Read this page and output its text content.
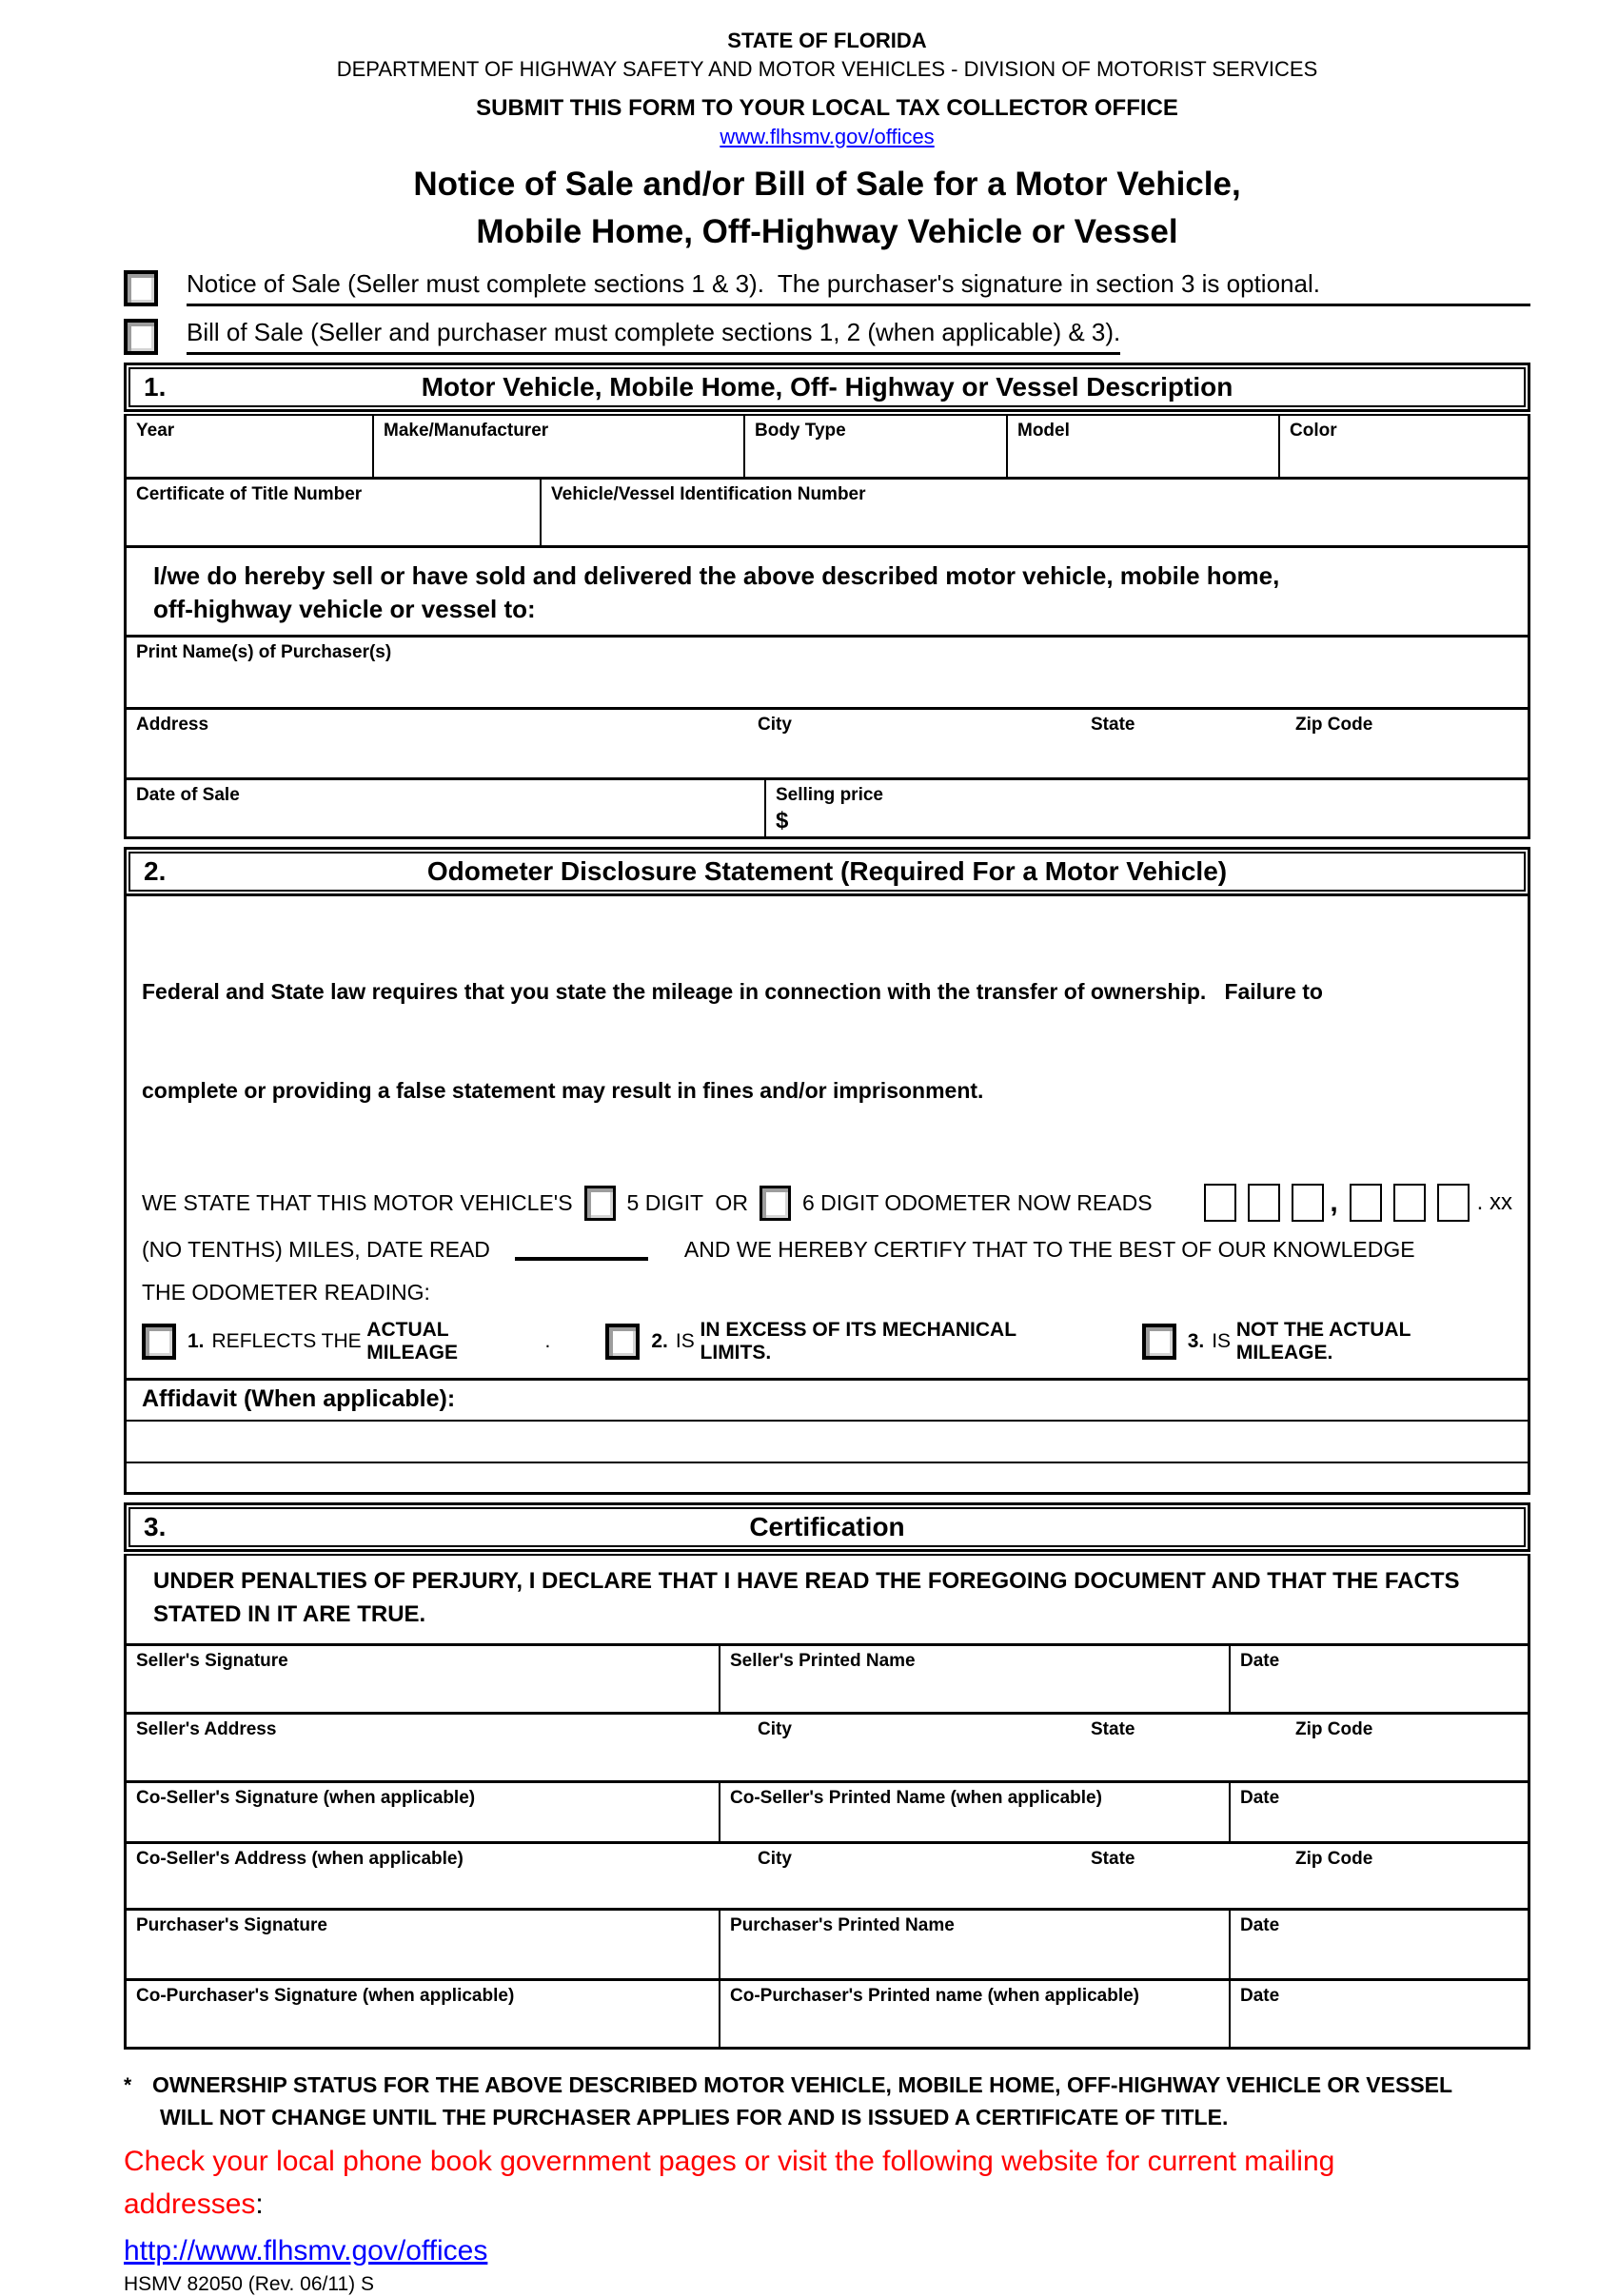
STATE OF FLORIDA
DEPARTMENT OF HIGHWAY SAFETY AND MOTOR VEHICLES - DIVISION OF MOTORIST SERVICES
SUBMIT THIS FORM TO YOUR LOCAL TAX COLLECTOR OFFICE
www.flhsmv.gov/offices
Notice of Sale and/or Bill of Sale for a Motor Vehicle,
Mobile Home, Off-Highway Vehicle or Vessel
Notice of Sale (Seller must complete sections 1 & 3).  The purchaser's signature in section 3 is optional.
Bill of Sale (Seller and purchaser must complete sections 1, 2 (when applicable) & 3).
1.	Motor Vehicle, Mobile Home, Off- Highway or Vessel Description
Year	Make/Manufacturer	Body Type	Model	Color
Certificate of Title Number	Vehicle/Vessel Identification Number
I/we do hereby sell or have sold and delivered the above described motor vehicle, mobile home,
off-highway vehicle or vessel to:
Print Name(s) of Purchaser(s)
Address	City	State	Zip Code
Date of Sale	Selling price
$
2.	Odometer Disclosure Statement (Required For a Motor Vehicle)

Federal and State law requires that you state the mileage in connection with the transfer of ownership.   Failure to

complete or providing a false statement may result in fines and/or imprisonment.

WE STATE THAT THIS MOTOR VEHICLE'S 5 DIGIT  OR 6 DIGIT ODOMETER NOW READS	,	. xx
(NO TENTHS) MILES, DATE READ	AND WE HEREBY CERTIFY THAT TO THE BEST OF OUR KNOWLEDGE
THE ODOMETER READING:
1. REFLECTS THE
ACTUAL MILEAGE
.	2. IS
IN EXCESS OF ITS MECHANICAL LIMITS.
3. IS
NOT THE ACTUAL MILEAGE.
Affidavit (When applicable):
3.	Certification
UNDER PENALTIES OF PERJURY, I DECLARE THAT I HAVE READ THE FOREGOING DOCUMENT AND THAT THE FACTS
STATED IN IT ARE TRUE.
Seller's Signature	Seller's Printed Name	Date
Seller's Address	City	State	Zip Code
Co-Seller's Signature (when applicable)	Co-Seller's Printed Name (when applicable)	Date
Co-Seller's Address (when applicable)	City	State	Zip Code
Purchaser's Signature	Purchaser's Printed Name	Date
Co-Purchaser's Signature (when applicable)	Co-Purchaser's Printed name (when applicable)	Date
* OWNERSHIP STATUS FOR THE ABOVE DESCRIBED MOTOR VEHICLE, MOBILE HOME, OFF-HIGHWAY VEHICLE OR VESSEL
WILL NOT CHANGE UNTIL THE PURCHASER APPLIES FOR AND IS ISSUED A CERTIFICATE OF TITLE.
Check your local phone book government pages or visit the following website for current mailing
addresses:
http://www.flhsmv.gov/offices
HSMV 82050 (Rev. 06/11) S
